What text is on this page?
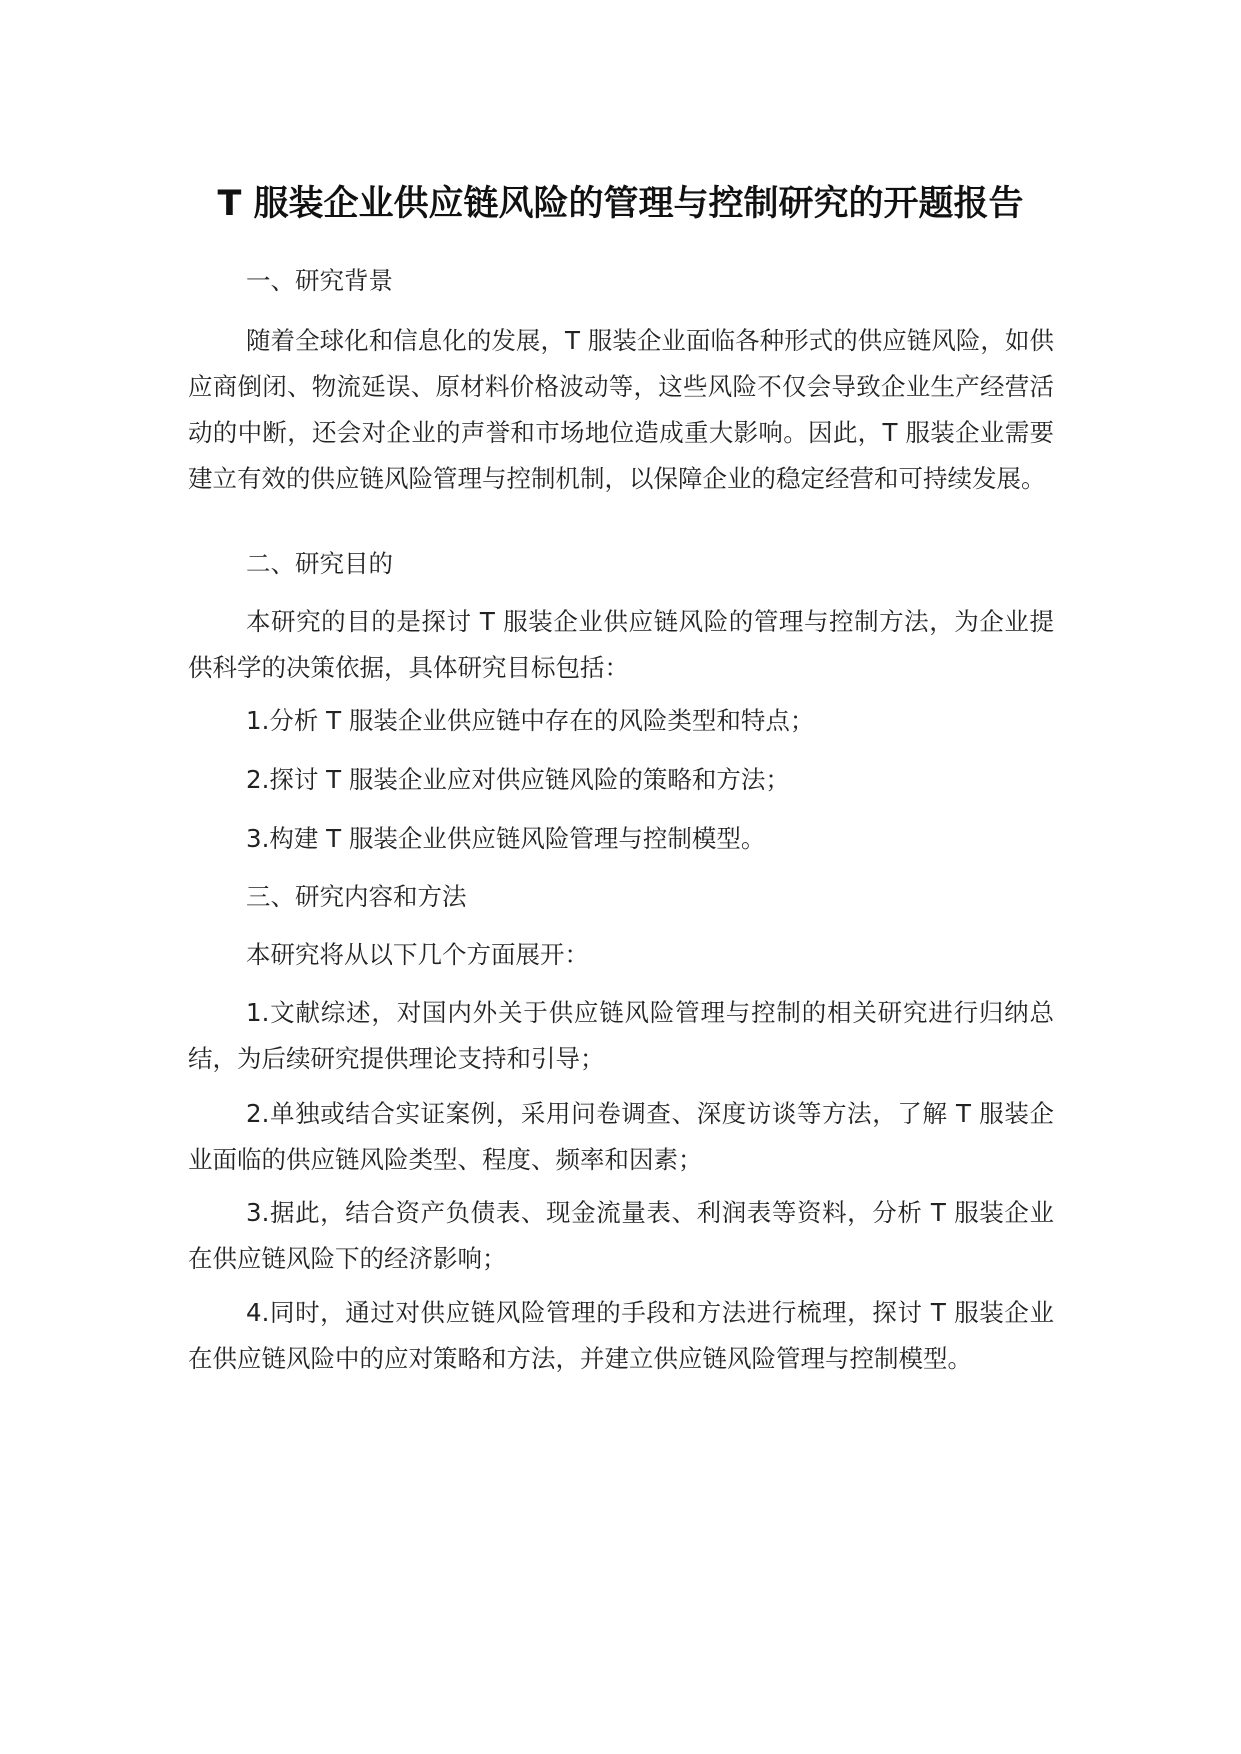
T 服装企业供应链风险的管理与控制研究的开题报告

一、研究背景

随着全球化和信息化的发展，T 服装企业面临各种形式的供应链风险，如供应商倒闭、物流延误、原材料价格波动等，这些风险不仅会导致企业生产经营活动的中断，还会对企业的声誉和市场地位造成重大影响。因此，T 服装企业需要建立有效的供应链风险管理与控制机制，以保障企业的稳定经营和可持续发展。

二、研究目的

本研究的目的是探讨 T 服装企业供应链风险的管理与控制方法，为企业提供科学的决策依据，具体研究目标包括：

1.分析 T 服装企业供应链中存在的风险类型和特点；

2.探讨 T 服装企业应对供应链风险的策略和方法；

3.构建 T 服装企业供应链风险管理与控制模型。

三、研究内容和方法

本研究将从以下几个方面展开：

1.文献综述，对国内外关于供应链风险管理与控制的相关研究进行归纳总结，为后续研究提供理论支持和引导；

2.单独或结合实证案例，采用问卷调查、深度访谈等方法，了解 T 服装企业面临的供应链风险类型、程度、频率和因素；

3.据此，结合资产负债表、现金流量表、利润表等资料，分析 T 服装企业在供应链风险下的经济影响；

4.同时，通过对供应链风险管理的手段和方法进行梳理，探讨 T 服装企业在供应链风险中的应对策略和方法，并建立供应链风险管理与控制模型。
